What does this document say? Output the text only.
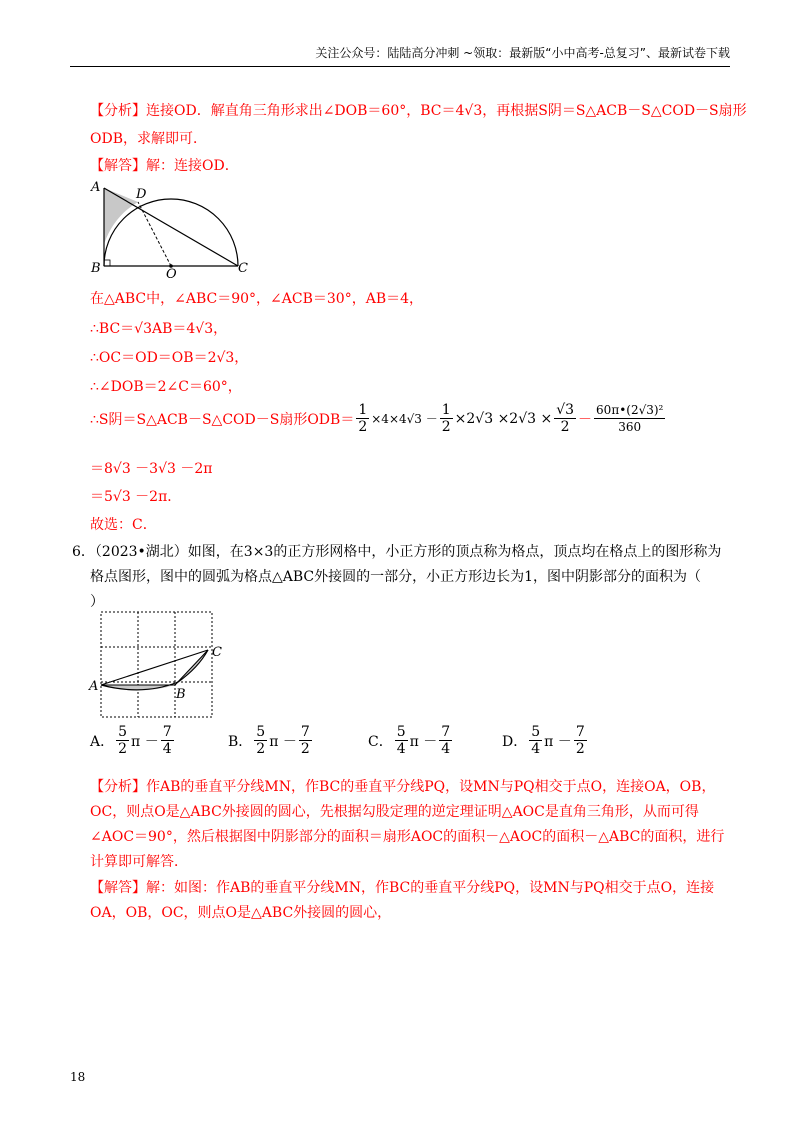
关注公众号：陆陆高分冲刺 ~领取：最新版“小中高考-总复习”、最新试卷下载
【分析】连接OD．解直角三角形求出∠DOB＝60°，BC＝4√3，再根据S阴＝S△ACB－S△COD－S扇形
ODB，求解即可．
【解答】解：连接OD．
A	D
B	O	C
在△ABC中，∠ABC＝90°，∠ACB＝30°，AB＝4，
∴BC＝√3AB＝4√3，
∴OC＝OD＝OB＝2√3，
∴∠DOB＝2∠C＝60°，
∴S阴＝S△ACB－S△COD－S扇形$ODB= \frac{1}{2} \times 4\times 4√3 - \frac{1}{2} \times 2√3 \times 2√3 \times \frac{√3}{2} - \frac{\text{60π•(2√3)²}}{360}$
＝8√3 －3√3 －2π
＝5√3 －2π．
故选：C．
6．（2023•湖北）如图，在3×3的正方形网格中，小正方形的顶点称为格点，顶点均在格点上的图形称为
格点图形，图中的圆弧为格点△ABC外接圆的一部分，小正方形边长为1，图中阴影部分的面积为（
）
A
B
C
A． $\frac{5}{2}$ $\pi - \frac{7}{4}$	B． $\frac{5}{2}$ $\pi - \frac{7}{2}$	C． $\frac{5}{4}$ $\pi - \frac{7}{4}$	D． $\frac{5}{4}$ $\pi - \frac{7}{2}$
【分析】作AB的垂直平分线MN，作BC的垂直平分线PQ，设MN与PQ相交于点O，连接OA，OB，
OC，则点O是△ABC外接圆的圆心，先根据勾股定理的逆定理证明△AOC是直角三角形，从而可得
∠AOC＝90°，然后根据图中阴影部分的面积＝扇形AOC的面积－△AOC的面积－△ABC的面积，进行
计算即可解答．
【解答】解：如图：作AB的垂直平分线MN，作BC的垂直平分线PQ，设MN与PQ相交于点O，连接
OA，OB，OC，则点O是△ABC外接圆的圆心，
18
